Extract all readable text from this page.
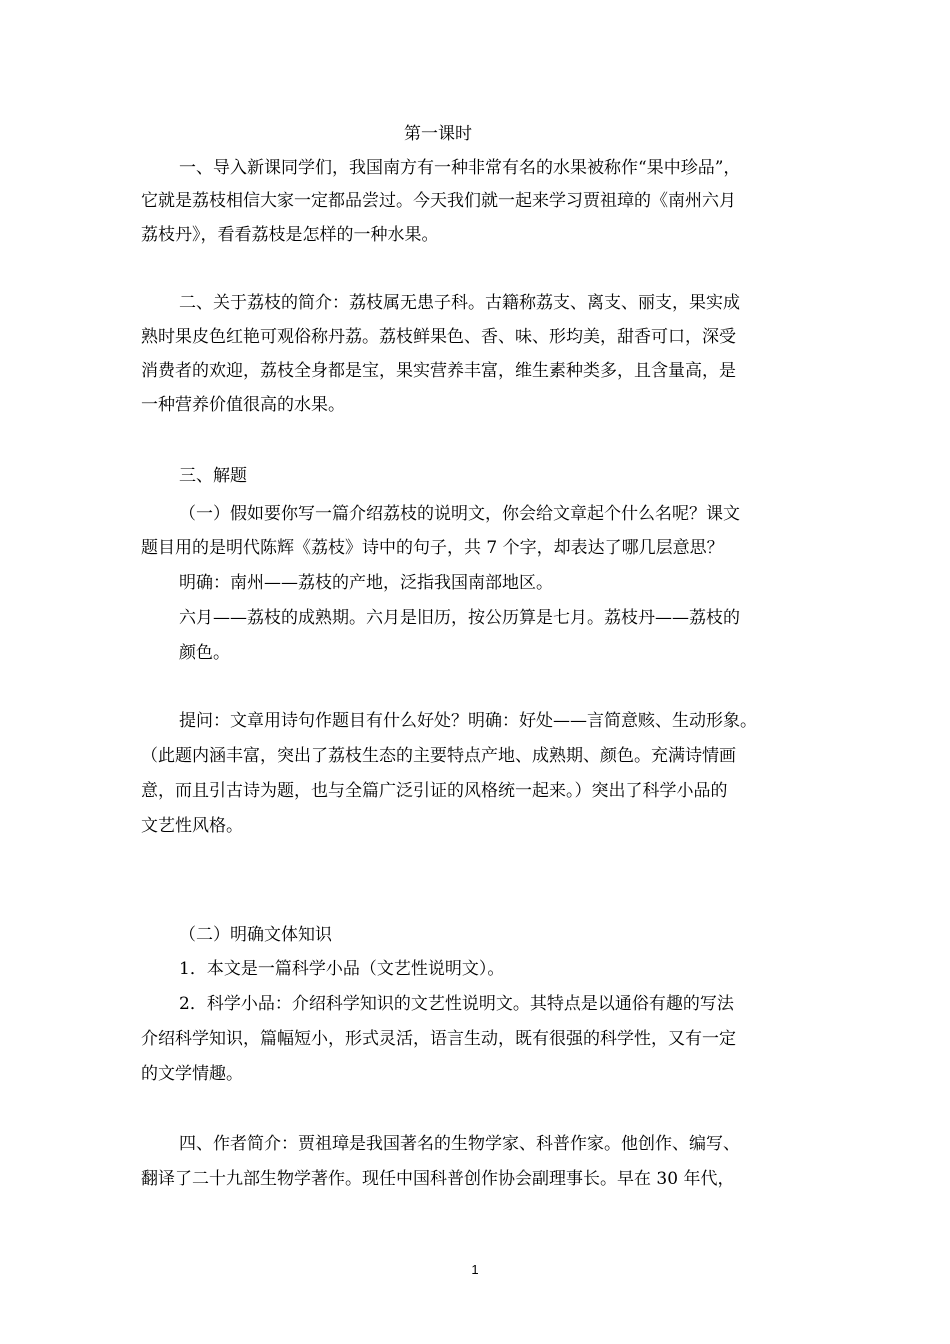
第一课时
一、导入新课同学们，我国南方有一种非常有名的水果被称作“果中珍品”，
它就是荔枝相信大家一定都品尝过。今天我们就一起来学习贾祖璋的《南州六月
荔枝丹》，看看荔枝是怎样的一种水果。
二、关于荔枝的简介：荔枝属无患子科。古籍称荔支、离支、丽支，果实成
熟时果皮色红艳可观俗称丹荔。荔枝鲜果色、香、味、形均美，甜香可口，深受
消费者的欢迎，荔枝全身都是宝，果实营养丰富，维生素种类多，且含量高，是
一种营养价值很高的水果。
三、解题
（一）假如要你写一篇介绍荔枝的说明文，你会给文章起个什么名呢？课文
题目用的是明代陈辉《荔枝》诗中的句子，共 7 个字，却表达了哪几层意思？
明确：南州——荔枝的产地，泛指我国南部地区。
六月——荔枝的成熟期。六月是旧历，按公历算是七月。荔枝丹——荔枝的
颜色。
提问：文章用诗句作题目有什么好处？明确：好处——言简意赅、生动形象。
（此题内涵丰富，突出了荔枝生态的主要特点产地、成熟期、颜色。充满诗情画
意，而且引古诗为题，也与全篇广泛引证的风格统一起来。）突出了科学小品的
文艺性风格。
（二）明确文体知识
1．本文是一篇科学小品（文艺性说明文）。
2．科学小品：介绍科学知识的文艺性说明文。其特点是以通俗有趣的写法
介绍科学知识，篇幅短小，形式灵活，语言生动，既有很强的科学性，又有一定
的文学情趣。
四、作者简介：贾祖璋是我国著名的生物学家、科普作家。他创作、编写、
翻译了二十九部生物学著作。现任中国科普创作协会副理事长。早在 30 年代，
1
